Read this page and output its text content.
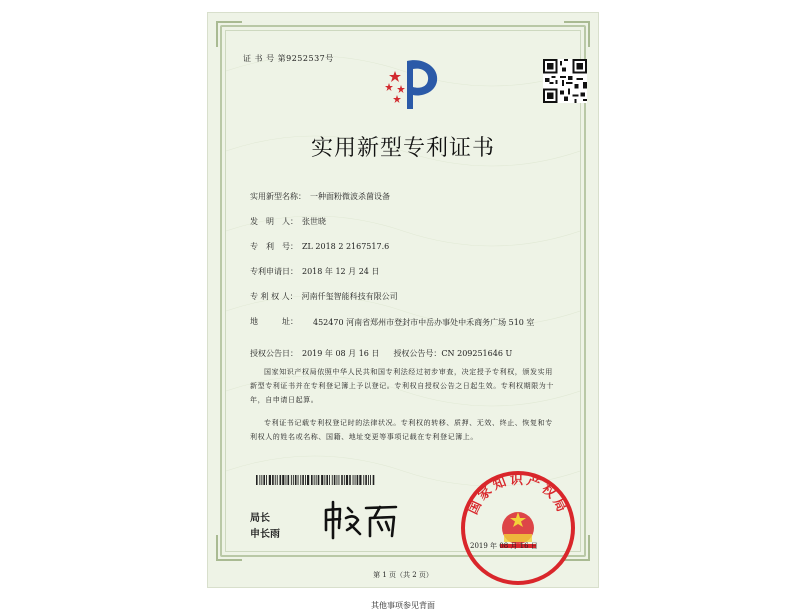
证 书 号 第9252537号
实用新型专利证书
实用新型名称： 一种面粉微波杀菌设备
发　明　人： 张世晓
专　利　号： ZL 2018 2 2167517.6
专利申请日： 2018 年 12 月 24 日
专 利 权 人： 河南仟玺智能科技有限公司
地　　　址： 452470 河南省郑州市登封市中岳办事处中禾商务广场 510 室
授权公告日： 2019 年 08 月 16 日 授权公告号：CN 209251646 U
国家知识产权局依照中华人民共和国专利法经过初步审查，决定授予专利权，颁发实用新型专利证书并在专利登记簿上予以登记。专利权自授权公告之日起生效。专利权期限为十年，自申请日起算。
专利证书记载专利权登记时的法律状况。专利权的转移、质押、无效、终止、恢复和专利权人的姓名或名称、国籍、地址变更等事项记载在专利登记簿上。
局长
申长雨
国家知识产权局
2019 年 08 月 16 日
第 1 页（共 2 页）
其他事项参见背面
